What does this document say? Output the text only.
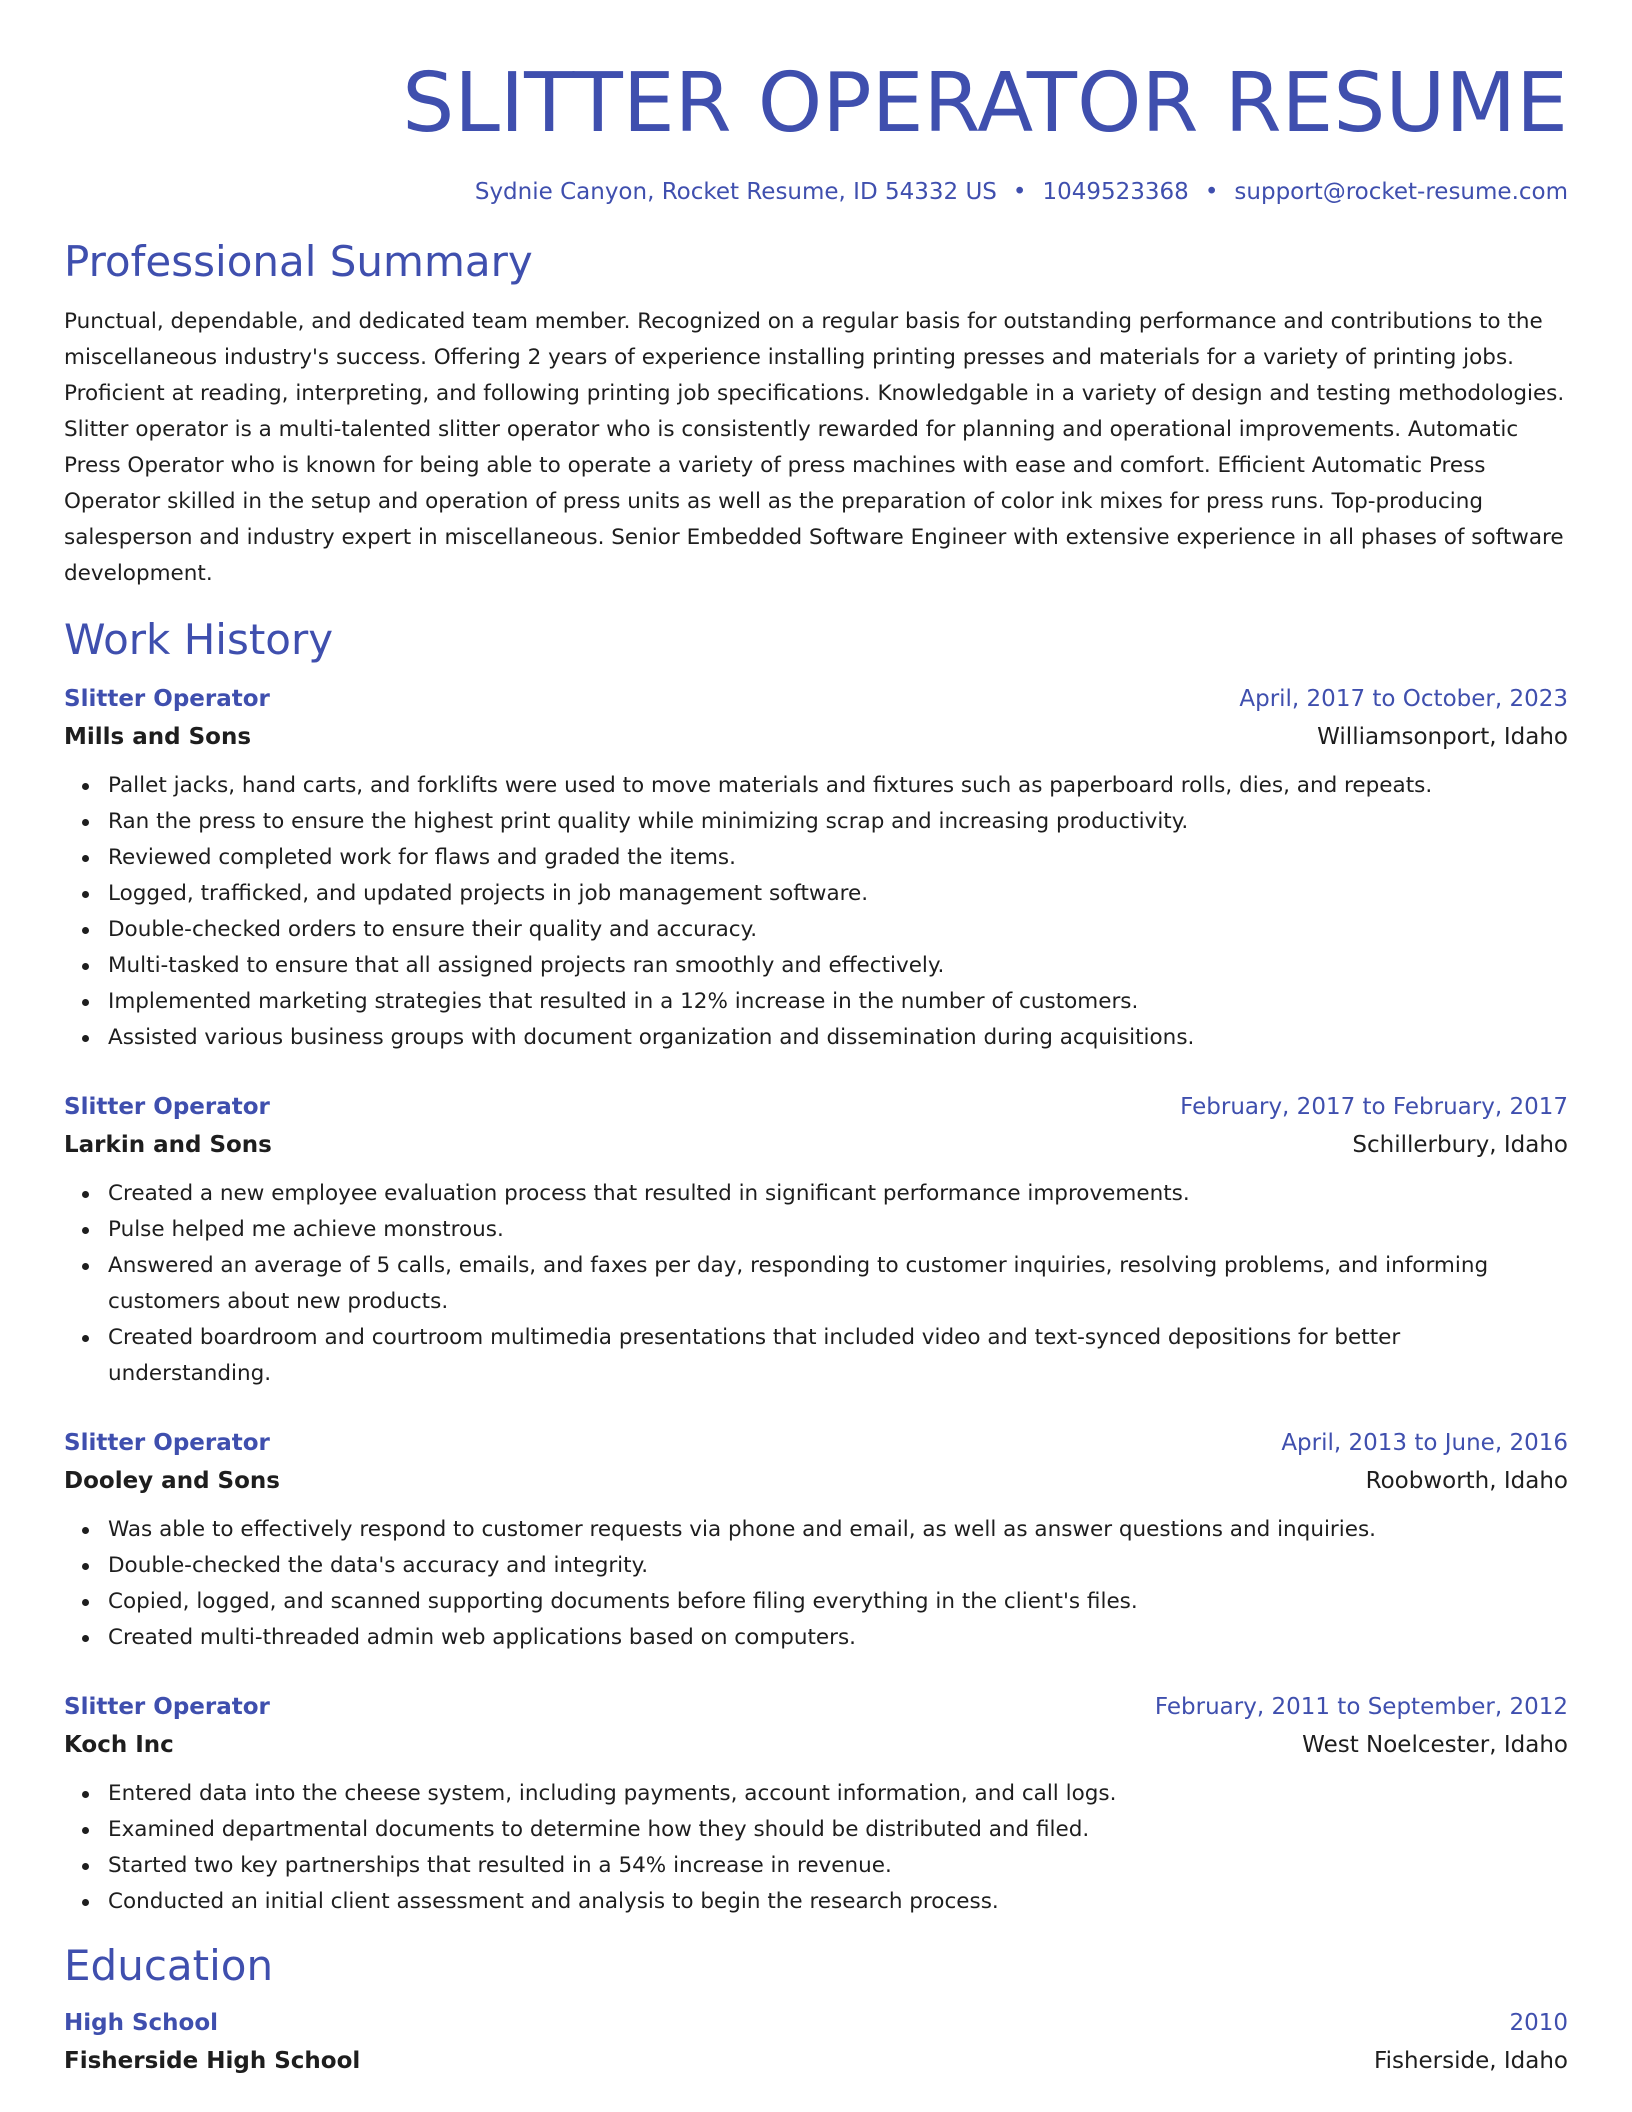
SLITTER OPERATOR RESUME
Sydnie Canyon, Rocket Resume, ID 54332 US • 1049523368 • support@rocket-resume.com
Professional Summary

Punctual, dependable, and dedicated team member. Recognized on a regular basis for outstanding performance and contributions to the miscellaneous industry's success. Offering 2 years of experience installing printing presses and materials for a variety of printing jobs. Proficient at reading, interpreting, and following printing job specifications. Knowledgable in a variety of design and testing methodologies. Slitter operator is a multi-talented slitter operator who is consistently rewarded for planning and operational improvements. Automatic Press Operator who is known for being able to operate a variety of press machines with ease and comfort. Efficient Automatic Press Operator skilled in the setup and operation of press units as well as the preparation of color ink mixes for press runs. Top-producing salesperson and industry expert in miscellaneous. Senior Embedded Software Engineer with extensive experience in all phases of software development.

Work History
Slitter Operator	April, 2017 to October, 2023
Mills and Sons	Williamsonport, Idaho
Pallet jacks, hand carts, and forklifts were used to move materials and fixtures such as paperboard rolls, dies, and repeats.
Ran the press to ensure the highest print quality while minimizing scrap and increasing productivity.
Reviewed completed work for flaws and graded the items.
Logged, trafficked, and updated projects in job management software.
Double-checked orders to ensure their quality and accuracy.
Multi-tasked to ensure that all assigned projects ran smoothly and effectively.
Implemented marketing strategies that resulted in a 12% increase in the number of customers.
Assisted various business groups with document organization and dissemination during acquisitions.
Slitter Operator	February, 2017 to February, 2017
Larkin and Sons	Schillerbury, Idaho
Created a new employee evaluation process that resulted in significant performance improvements.
Pulse helped me achieve monstrous.
Answered an average of 5 calls, emails, and faxes per day, responding to customer inquiries, resolving problems, and informing customers about new products.
Created boardroom and courtroom multimedia presentations that included video and text-synced depositions for better understanding.
Slitter Operator	April, 2013 to June, 2016
Dooley and Sons	Roobworth, Idaho
Was able to effectively respond to customer requests via phone and email, as well as answer questions and inquiries.
Double-checked the data's accuracy and integrity.
Copied, logged, and scanned supporting documents before filing everything in the client's files.
Created multi-threaded admin web applications based on computers.
Slitter Operator	February, 2011 to September, 2012
Koch Inc	West Noelcester, Idaho
Entered data into the cheese system, including payments, account information, and call logs.
Examined departmental documents to determine how they should be distributed and filed.
Started two key partnerships that resulted in a 54% increase in revenue.
Conducted an initial client assessment and analysis to begin the research process.
Education
High School	2010
Fisherside High School	Fisherside, Idaho
